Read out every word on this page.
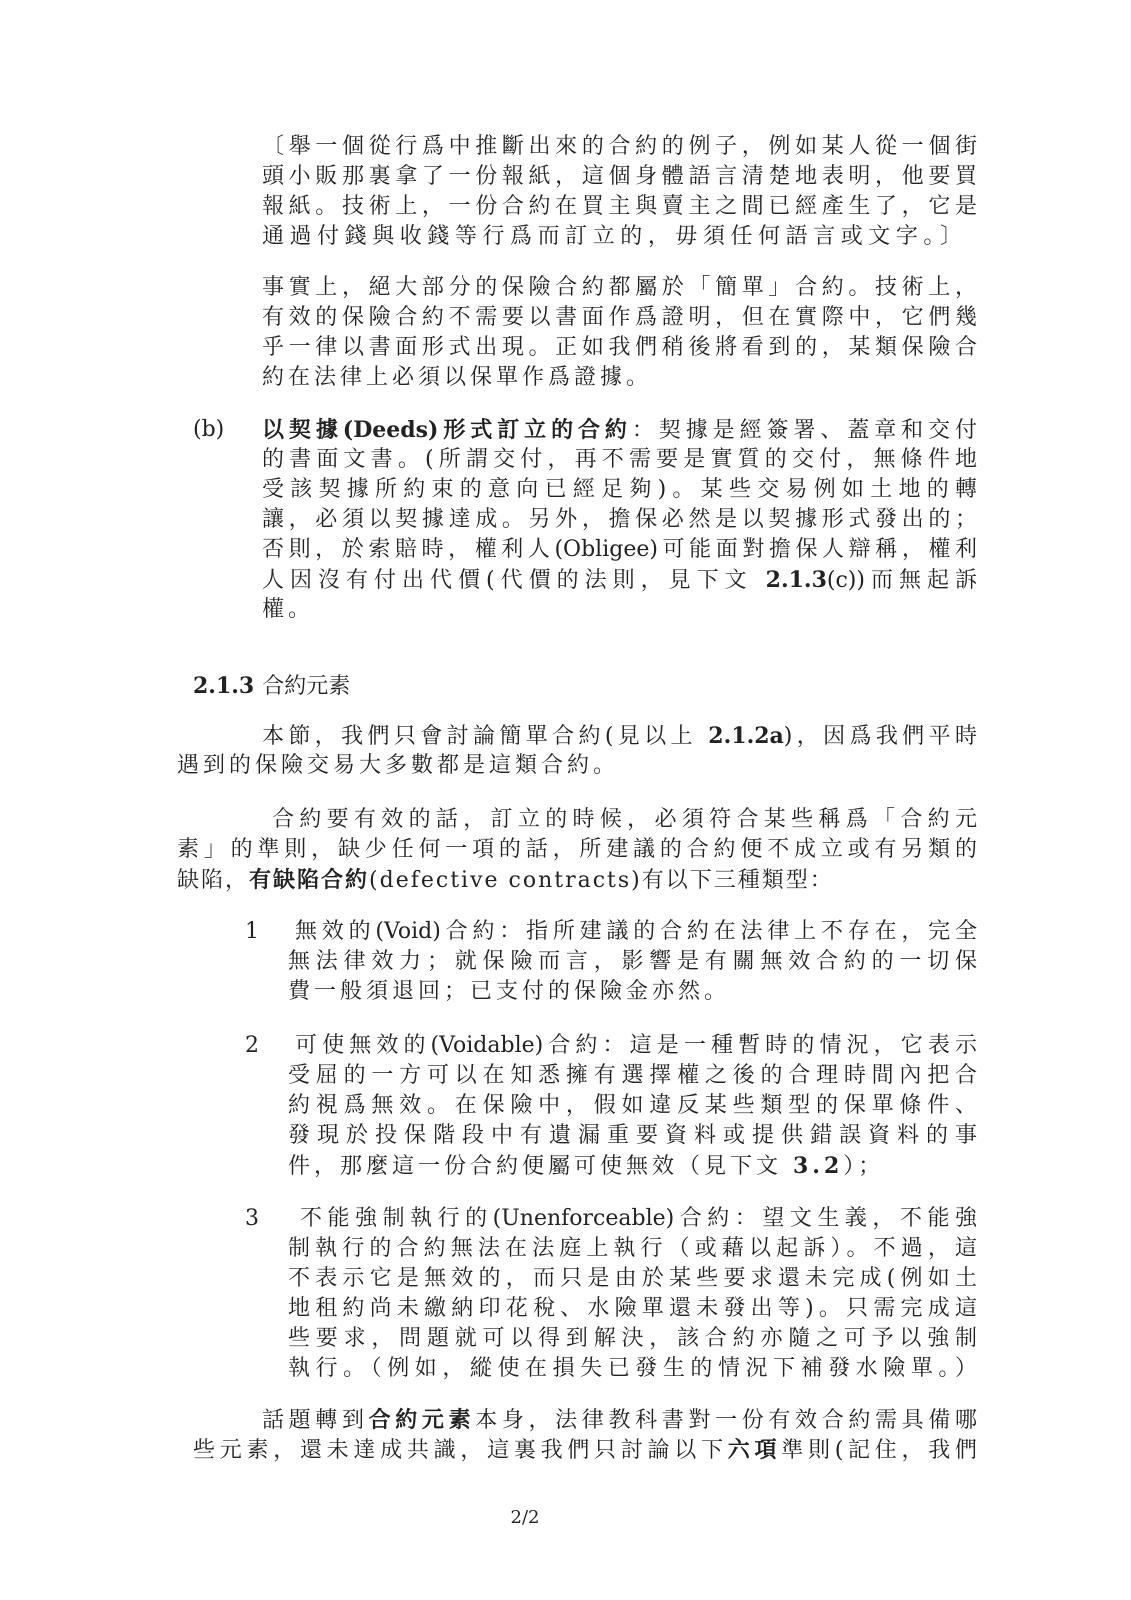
〔舉一個從行爲中推斷出來的合約的例子，例如某人從一個街
頭小販那裏拿了一份報紙，這個身體語言清楚地表明，他要買
報紙。技術上，一份合約在買主與賣主之間已經產生了，它是
通過付錢與收錢等行爲而訂立的，毋須任何語言或文字。〕
事實上，絕大部分的保險合約都屬於「簡單」合約。技術上，
有效的保險合約不需要以書面作爲證明，但在實際中，它們幾
乎一律以書面形式出現。正如我們稍後將看到的，某類保險合
約在法律上必須以保單作爲證據。
(b) 以契據(Deeds)形式訂立的合約：契據是經簽署、蓋章和交付
的書面文書。(所謂交付，再不需要是實質的交付，無條件地
受該契據所約束的意向已經足夠)。某些交易例如土地的轉
讓，必須以契據達成。另外，擔保必然是以契據形式發出的；
否則，於索賠時，權利人(Obligee)可能面對擔保人辯稱，權利
人因沒有付出代價(代價的法則，見下文 2.1.3(c))而無起訴
權。
2.1.3 合約元素
本節，我們只會討論簡單合約(見以上 2.1.2a)，因爲我們平時
遇到的保險交易大多數都是這類合約。
合約要有效的話，訂立的時候，必須符合某些稱爲「合約元
素」的準則，缺少任何一項的話，所建議的合約便不成立或有另類的
缺陷，有缺陷合約(defective contracts)有以下三種類型：
1 無效的(Void)合約：指所建議的合約在法律上不存在，完全
無法律效力；就保險而言，影響是有關無效合約的一切保
費一般須退回；已支付的保險金亦然。
2 可使無效的(Voidable)合約：這是一種暫時的情況，它表示
受屈的一方可以在知悉擁有選擇權之後的合理時間內把合
約視爲無效。在保險中，假如違反某些類型的保單條件、
發現於投保階段中有遺漏重要資料或提供錯誤資料的事
件，那麼這一份合約便屬可使無效（見下文 3.2）；
3 不能強制執行的(Unenforceable)合約：望文生義，不能強
制執行的合約無法在法庭上執行（或藉以起訴）。不過，這
不表示它是無效的，而只是由於某些要求還未完成(例如土
地租約尚未繳納印花稅、水險單還未發出等)。只需完成這
些要求，問題就可以得到解決，該合約亦隨之可予以強制
執行。（例如，縱使在損失已發生的情況下補發水險單。）
話題轉到合約元素本身，法律教科書對一份有效合約需具備哪
些元素，還未達成共識，這裏我們只討論以下六項準則(記住，我們
2/2
